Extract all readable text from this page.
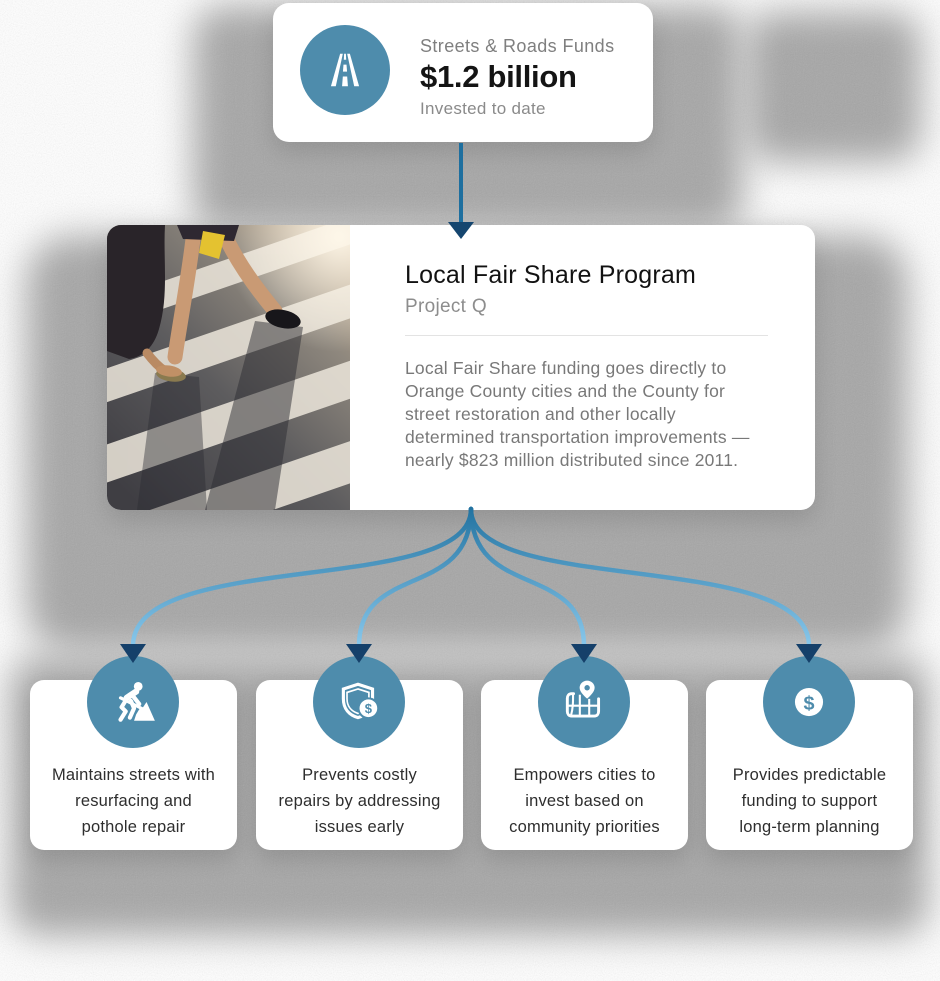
Streets & Roads Funds
$1.2 billion
Invested to date
Local Fair Share Program
Project Q
Local Fair Share funding goes directly to
Orange County cities and the County for
street restoration and other locally
determined transportation improvements —
nearly $823 million distributed since 2011.
$	$
Maintains streets with
resurfacing and
pothole repair
Prevents costly
repairs by addressing
issues early
Empowers cities to
invest based on
community priorities
Provides predictable
funding to support
long-term planning
